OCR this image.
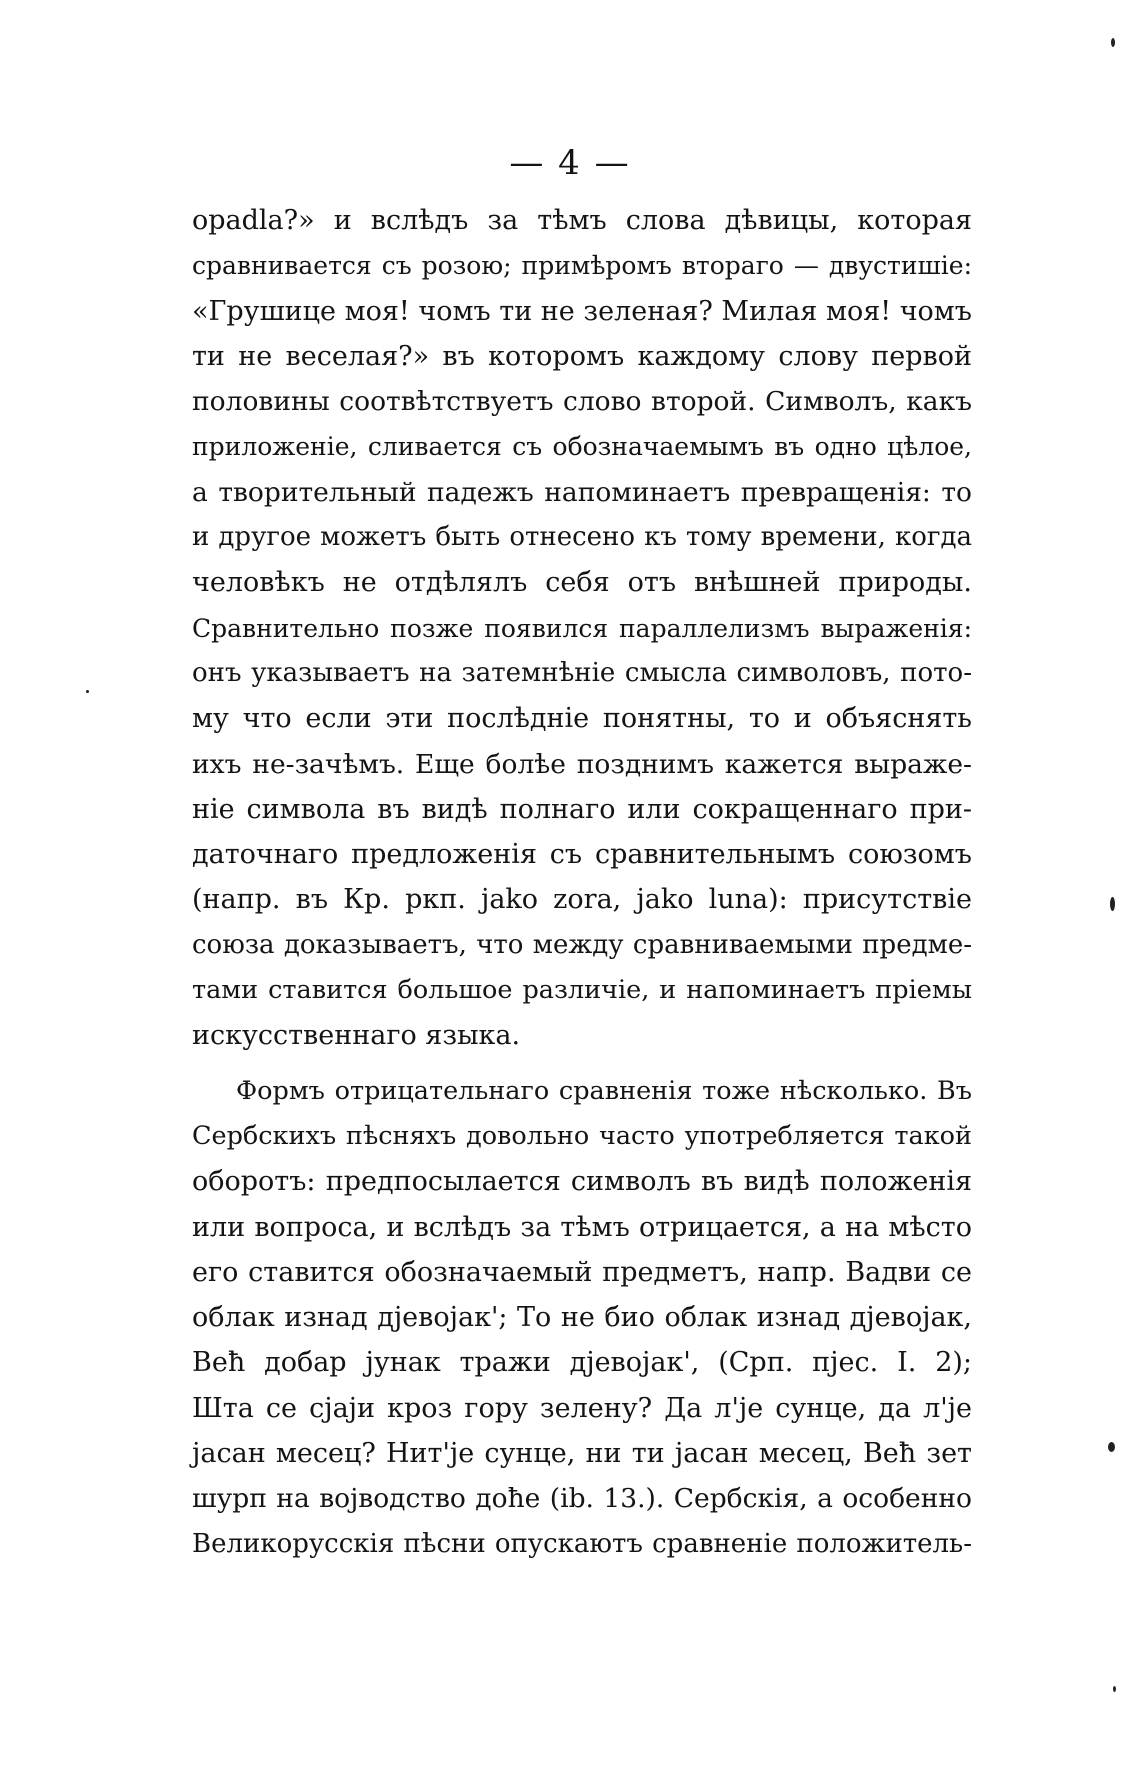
— 4 —
opadla?» и вслѣдъ за тѣмъ слова дѣвицы, которая
сравнивается съ розою; примѣромъ втораго — двустишіе:
«Грушице моя! чомъ ти не зеленая? Милая моя! чомъ
ти не веселая?» въ которомъ каждому слову первой
половины соотвѣтствуетъ слово второй. Символъ, какъ
приложеніе, сливается съ обозначаемымъ въ одно цѣлое,
а творительный падежъ напоминаетъ превращенія: то
и другое можетъ быть отнесено къ тому времени, когда
человѣкъ не отдѣлялъ себя отъ внѣшней природы.
Сравнительно позже появился параллелизмъ выраженія:
онъ указываетъ на затемнѣніе смысла символовъ, пото-
му что если эти послѣдніе понятны, то и объяснять
ихъ не-зачѣмъ. Еще болѣе позднимъ кажется выраже-
ніе символа въ видѣ полнаго или сокращеннаго при-
даточнаго предложенія съ сравнительнымъ союзомъ
(напр. въ Кр. ркп. jako zora, jako luna): присутствіе
союза доказываетъ, что между сравниваемыми предме-
тами ставится большое различіе, и напоминаетъ пріемы
искусственнаго языка.
Формъ отрицательнаго сравненія тоже нѣсколько. Въ
Сербскихъ пѣсняхъ довольно часто употребляется такой
оборотъ: предпосылается символъ въ видѣ положенія
или вопроса, и вслѣдъ за тѣмъ отрицается, а на мѣсто
его ставится обозначаемый предметъ, напр. Вадви се
облак изнад дјевојак'; То не био облак изнад дјевојак,
Веħ добар јунак тражи дјевојак', (Срп. пјес. I. 2);
Шта се сјаји кроз гору зелену? Да л'је сунце, да л'је
јасан месец? Нит'је сунце, ни ти јасан месец, Веħ зет
шурп на војводство доħе (ib. 13.). Сербскія, а особенно
Великорусскія пѣсни опускаютъ сравненіе положитель-
